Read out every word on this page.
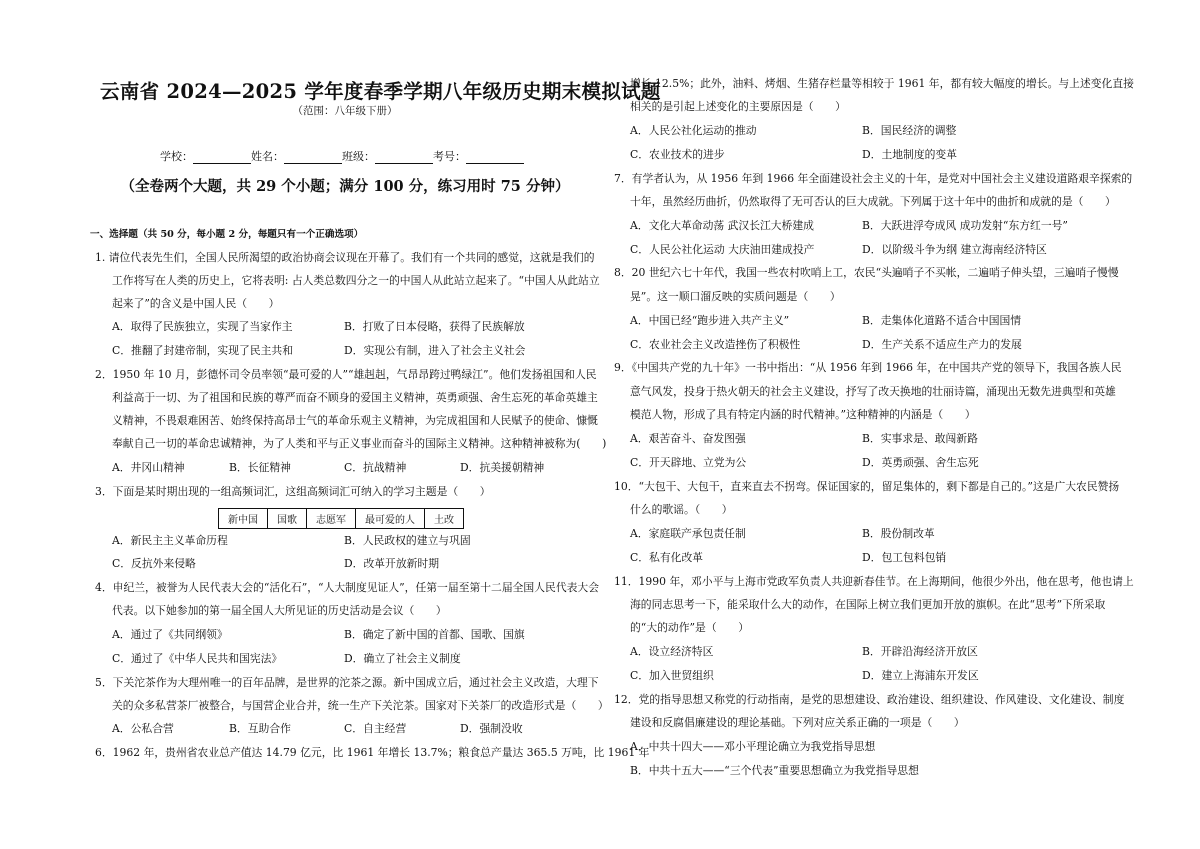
云南省 2024—2025 学年度春季学期八年级历史期末模拟试题
（范围：八年级下册）
学校：	姓名：	班级：	考号：
（全卷两个大题，共 29 个小题；满分 100 分，练习用时 75 分钟）
一、选择题（共 50 分，每小题 2 分，每题只有一个正确选项）
1. 请位代表先生们，全国人民所渴望的政治协商会议现在开幕了。我们有一个共同的感觉，这就是我们的
工作将写在人类的历史上，它将表明: 占人类总数四分之一的中国人从此站立起来了。“中国人从此站立
起来了”的含义是中国人民（　　）
A．取得了民族独立，实现了当家作主	B．打败了日本侵略，获得了民族解放
C．推翻了封建帝制，实现了民主共和	D．实现公有制，进入了社会主义社会
2．1950 年 10 月，彭德怀司令员率领“最可爱的人”“雄赳赳，气昂昂跨过鸭绿江”。他们发扬祖国和人民
利益高于一切、为了祖国和民族的尊严而奋不顾身的爱国主义精神，英勇顽强、舍生忘死的革命英雄主
义精神，不畏艰难困苦、始终保持高昂士气的革命乐观主义精神，为完成祖国和人民赋予的使命、慷慨
奉献自己一切的革命忠诚精神，为了人类和平与正义事业而奋斗的国际主义精神。这种精神被称为(　　)
A．井冈山精神	B．长征精神	C．抗战精神	D．抗美援朝精神
3．下面是某时期出现的一组高频词汇，这组高频词汇可纳入的学习主题是（　　）
新中国	国歌	志愿军	最可爱的人	土改
A．新民主主义革命历程	B．人民政权的建立与巩固
C．反抗外来侵略	D．改革开放新时期
4．申纪兰，被誉为人民代表大会的“活化石”，“人大制度见证人”，任第一届至第十二届全国人民代表大会
代表。以下她参加的第一届全国人大所见证的历史活动是会议（　　）
A．通过了《共同纲领》	B．确定了新中国的首都、国歌、国旗
C．通过了《中华人民共和国宪法》	D．确立了社会主义制度
5．下关沱茶作为大理州唯一的百年品牌，是世界的沱茶之源。新中国成立后，通过社会主义改造，大理下
关的众多私营茶厂被整合，与国营企业合并，统一生产下关沱茶。国家对下关茶厂的改造形式是（　　）
A．公私合营	B．互助合作	C．自主经营	D．强制没收
6．1962 年，贵州省农业总产值达 14.79 亿元，比 1961 年增长 13.7%；粮食总产量达 365.5 万吨，比 1961 年
增长 12.5%；此外，油料、烤烟、生猪存栏量等相较于 1961 年，都有较大幅度的增长。与上述变化直接
相关的是引起上述变化的主要原因是（　　）
A．人民公社化运动的推动	B．国民经济的调整
C．农业技术的进步	D．土地制度的变革
7．有学者认为，从 1956 年到 1966 年全面建设社会主义的十年，是党对中国社会主义建设道路艰辛探索的
十年，虽然经历曲折，仍然取得了无可否认的巨大成就。下列属于这十年中的曲折和成就的是（　　）
A．文化大革命动荡 武汉长江大桥建成	B．大跃进浮夸成风 成功发射“东方红一号”
C．人民公社化运动 大庆油田建成投产	D．以阶级斗争为纲 建立海南经济特区
8．20 世纪六七十年代，我国一些农村吹哨上工，农民“头遍哨子不买帐，二遍哨子伸头望，三遍哨子慢慢
晃”。这一顺口溜反映的实质问题是（　　）
A．中国已经“跑步进入共产主义”	B．走集体化道路不适合中国国情
C．农业社会主义改造挫伤了积极性	D．生产关系不适应生产力的发展
9．《中国共产党的九十年》一书中指出：“从 1956 年到 1966 年，在中国共产党的领导下，我国各族人民
意气风发，投身于热火朝天的社会主义建设，抒写了改天换地的壮丽诗篇，涌现出无数先进典型和英雄
模范人物，形成了具有特定内涵的时代精神。”这种精神的内涵是（　　）
A．艰苦奋斗、奋发图强	B．实事求是、敢闯新路
C．开天辟地、立党为公	D．英勇顽强、舍生忘死
10．“大包干、大包干，直来直去不拐弯。保证国家的，留足集体的，剩下都是自己的。”这是广大农民赞扬
什么的歌谣。（　　）
A．家庭联产承包责任制	B．股份制改革
C．私有化改革	D．包工包料包销
11．1990 年，邓小平与上海市党政军负责人共迎新春佳节。在上海期间，他很少外出，他在思考，他也请上
海的同志思考一下，能采取什么大的动作，在国际上树立我们更加开放的旗帜。在此“思考”下所采取
的“大的动作”是（　　）
A．设立经济特区	B．开辟沿海经济开放区
C．加入世贸组织	D．建立上海浦东开发区
12．党的指导思想又称党的行动指南，是党的思想建设、政治建设、组织建设、作风建设、文化建设、制度
建设和反腐倡廉建设的理论基础。下列对应关系正确的一项是（　　）
A．中共十四大——邓小平理论确立为我党指导思想
B．中共十五大——“三个代表”重要思想确立为我党指导思想
